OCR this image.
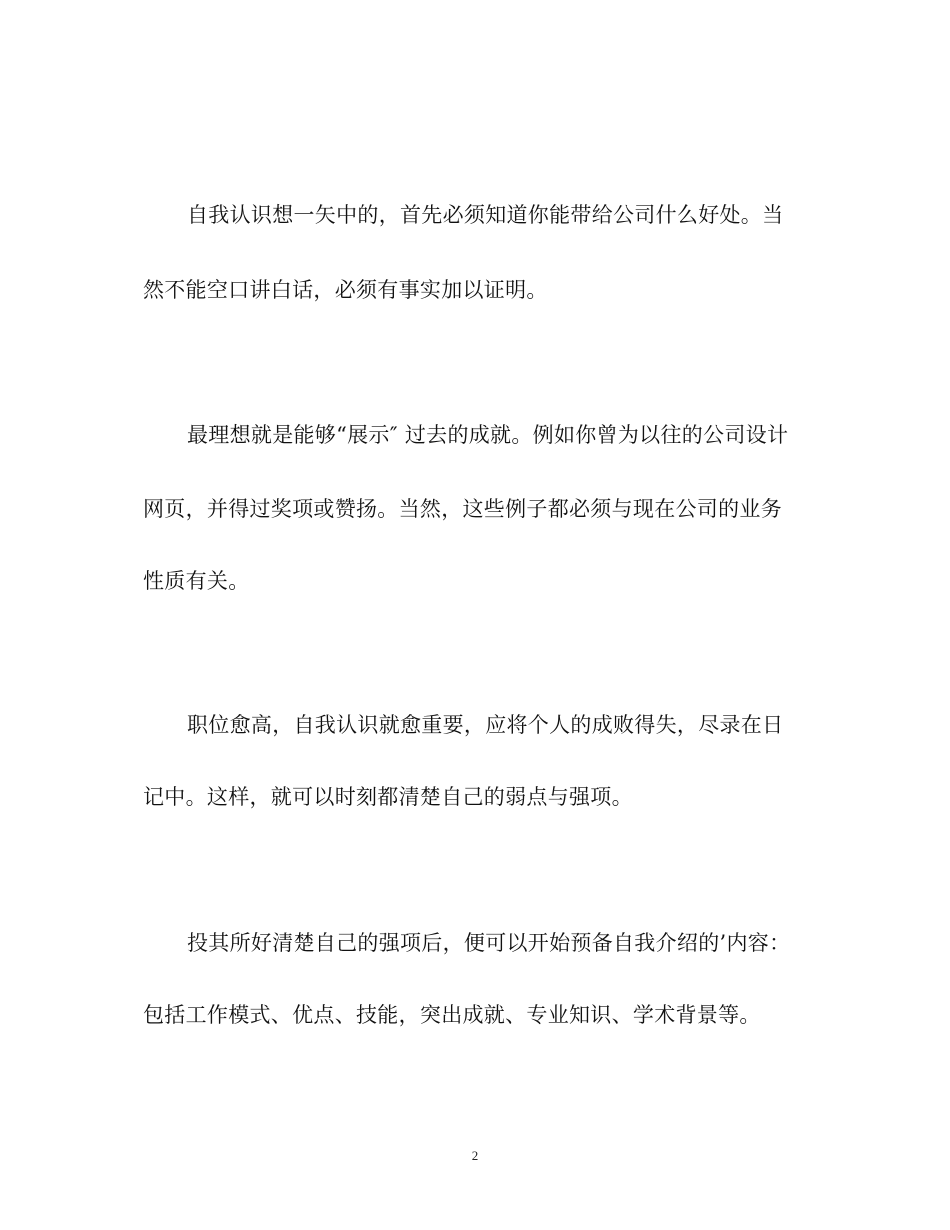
自我认识想一矢中的，首先必须知道你能带给公司什么好处。当
然不能空口讲白话，必须有事实加以证明。
最理想就是能够“展示″ 过去的成就。例如你曾为以往的公司设计
网页，并得过奖项或赞扬。当然，这些例子都必须与现在公司的业务
性质有关。
职位愈高，自我认识就愈重要，应将个人的成败得失，尽录在日
记中。这样，就可以时刻都清楚自己的弱点与强项。
投其所好清楚自己的强项后，便可以开始预备自我介绍的’内容：
包括工作模式、优点、技能，突出成就、专业知识、学术背景等。
2
